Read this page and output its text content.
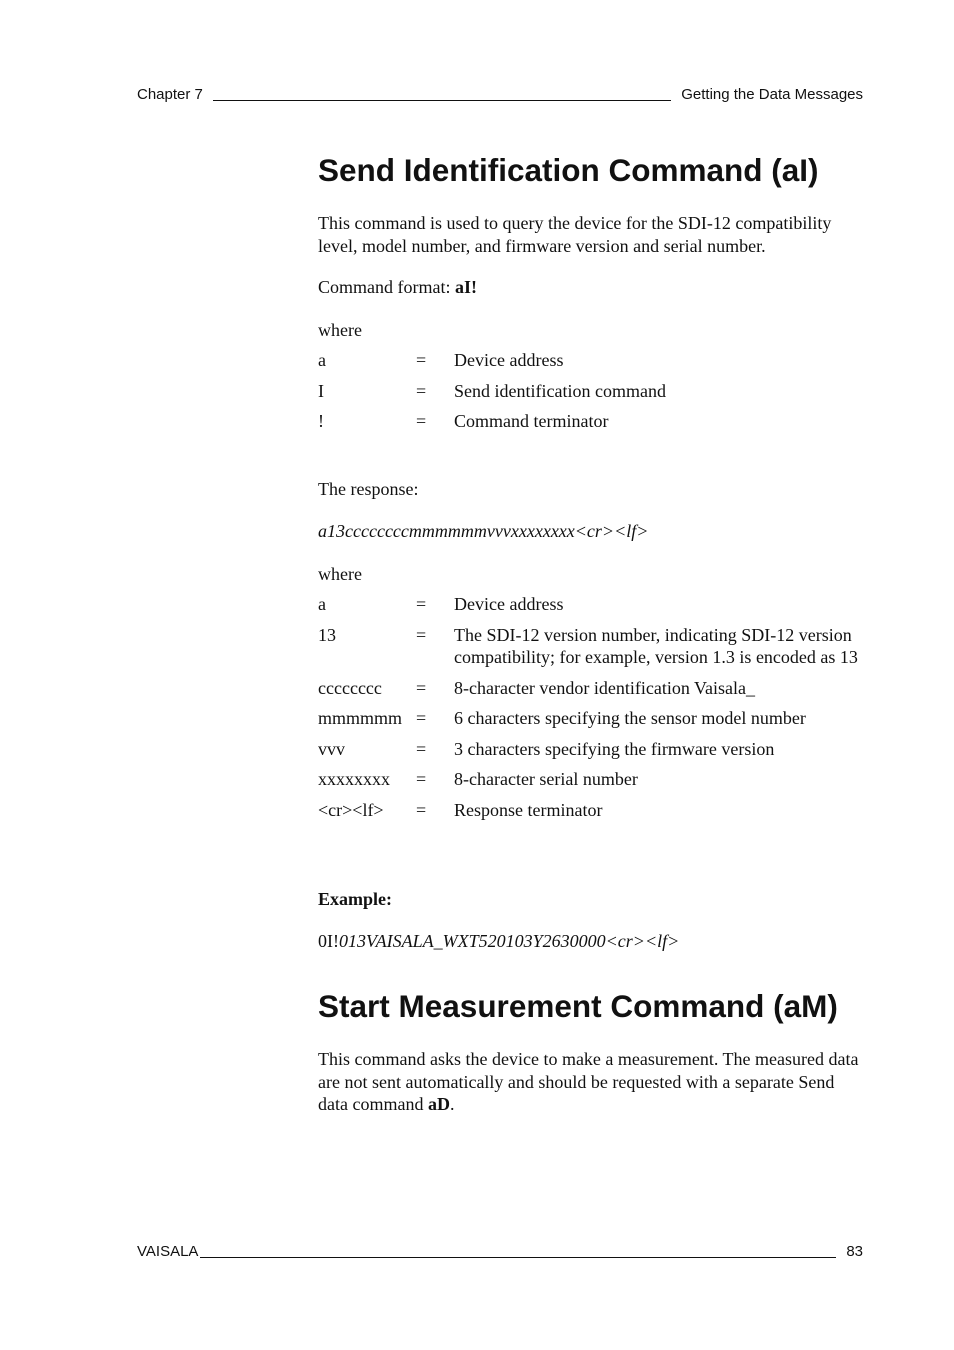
Chapter 7	Getting the Data Messages
Send Identification Command (aI)

This command is used to query the device for the SDI-12 compatibility level, model number, and firmware version and serial number.

Command format: aI!

where

a	=	Device address
I	=	Send identification command
!	=	Command terminator

The response:

a13ccccccccmmmmmmvvvxxxxxxxx<cr><lf>

where

a	=	Device address
13	=	The SDI-12 version number, indicating SDI-12 version compatibility; for example, version 1.3 is encoded as 13
cccccccc	=	8-character vendor identification Vaisala_
mmmmmm	=	6 characters specifying the sensor model number
vvv	=	3 characters specifying the firmware version
xxxxxxxx	=	8-character serial number
<cr><lf>	=	Response terminator

Example:

0I!013VAISALA_WXT520103Y2630000<cr><lf>

Start Measurement Command (aM)

This command asks the device to make a measurement. The measured data are not sent automatically and should be requested with a separate Send data command aD.

VAISALA	83
